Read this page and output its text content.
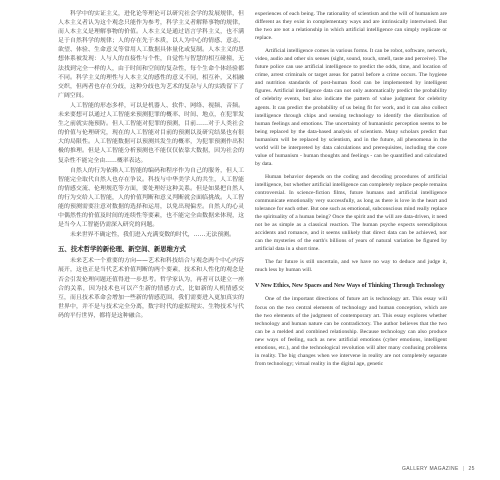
科学中的实证主义，进化论等理论可以研究社会学的发展规律，但人本主义者认为这个观念只能作为参考，科学主义者解释事物的规律，而人本主义是理解事物的价值。人本主义是通过语言学科主义，也不满足于自然科学的规律；人的存在先于本质，以人为中心的情感、意志、欲望、体验、生命意义等常用人工数据具体量化或复制。人本主义的思想体系被发现：人与人的直接性与个性，自觉性与智慧的相互碰撞，无法找到完全一样的人，由于时间和空间的复杂性，每个生命个体经验都不同。科学主义的理性与人本主义的感性的意义不同，相互补，又相融交织，但两者也存在分歧，这种分歧也为艺术的复杂与人的实践留下了广阔空间。

人工智能的形态多样，可以是机器人、软件、网络、视频、音频。未来要想可以通过人工智能来预测犯罪的概率、时间、地点，在犯罪发生之前就实施预防。但人工智能对犯罪的预测，目前……对于人类社会的价值与伦理研究，现在的人工智能对目前的预测以及研究结果也有很大的局限性。人工智能数据可以预测其发生的概率，为犯罪预测作出积极的推理。但是人工智能分析预测也不能仅仅依靠大数据，因为社会的复杂性不能完全由……概率表达。

自然人的行为依赖人工智能的编码和程序作为自己的服务，但人工智能完全取代自然人也存在争议。科技与中华美学人的共生，人工智能的情感交流、伦理规范等方面，要处理好这种关系。但是如果把自然人的行为交给人工智能，人的价值判断和意义判断就会面临挑战。人工智能的预测需要注意对数据的选择和运用，以免出现偏差。自然人的心灵中偶然性的价值及时间的连续性等要素，也不能完全由数据来体现，这是当今人工智能仍需深入研究的问题。

未来世界不确定性，我们进入充满变数的时代，……无法预测。

五、技术哲学的新伦理、新空间、新思维方式

未来艺术一个重要的方向——艺术和科技结合与观念两个中心内容展开，这也正是当代艺术价值判断的两个要素，技术和人性化的观念是否会引发伦理问题还值得进一步思考。哲学家认为，再者可以建立一座合的关系，因为技术也可以产生新的情感方式，比如新的人机情感交互，而且技术革命会增加一些新的情感范围，我们需要进入更加真实的世界中，并不是与技术完全分离，数字时代的虚拟现实、生物技术与代码的平行世界，都将是这种融合。

experiences of each being. The rationality of scientism and the will of humanism are different as they exist in complementary ways and are intrinsically intertwined. But the two are not a relationship in which artificial intelligence can simply replicate or replace.

Artificial intelligence comes in various forms. It can be robot, software, network, video, audio and other six senses (sight, sound, touch, smell, taste and perceive). The future police can use artificial intelligence to predict the odds, time, and location of crime, arrest criminals or target areas for patrol before a crime occurs. The hygiene and nutrition standards of post-human food can be implemented by intelligent figures. Artificial intelligence data can not only automatically predict the probability of celebrity events, but also indicate the pattern of value judgment for celebrity agents. It can predict the probability of us being fit for work, and it can also collect intelligence through chips and sensing technology to identify the distribution of human feelings and emotions. The uncertainty of humanistic perception seems to be being replaced by the data-based analysis of scientism. Many scholars predict that humanism will be replaced by scientism, and in the future, all phenomena in the world will be interpreted by data calculations and prerequisites, including the core value of humanism - human thoughts and feelings - can be quantified and calculated by data.

Human behavior depends on the coding and decoding procedures of artificial intelligence, but whether artificial intelligence can completely replace people remains controversial. In science-fiction films, future humans and artificial intelligence communicate emotionally very successfully, as long as there is love in the heart and tolerance for each other. But one such as emotional, subconscious mind really replace the spirituality of a human being? Once the spirit and the will are data-driven, it need not be as simple as a classical reaction. The human psyche expects serendipitous accidents and romance, and it seems unlikely that direct data can be achieved, nor can the mysteries of the earth's billions of years of natural variation be figured by artificial data in a short time.

The far future is still uncertain, and we have no way to deduce and judge it, much less by human will.

V New Ethics, New Spaces and New Ways of Thinking Through Technology

One of the important directions of future art is technology art. This essay will focus on the two central elements of technology and human conception, which are the two elements of the judgment of contemporary art. This essay explores whether technology and human nature can be contradictory. The author believes that the two can be a melded and combined relationship. Because technology can also produce new ways of feeling, such as new artificial emotions (cyber emotions, intelligent emotions, etc.), and the technological revolution will alter many confusing problems in reality. The big changes when we intervene in reality are not completely separate from technology; virtual reality in the digital age, genetic

GALLERY MAGAZINE | 25
